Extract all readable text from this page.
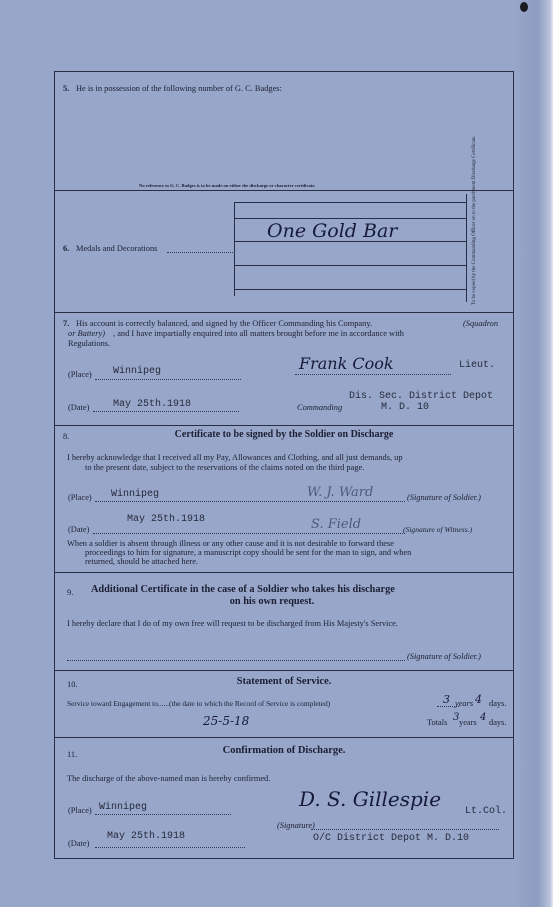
5. He is in possession of the following number of G. C. Badges:
No reference to G. C. Badges is to be made on either the discharge or character certificate.
6. Medals and Decorations
One Gold Bar	To be copied by the Commanding Officer on to the parchment Discharge Certificate.
7. His account is correctly balanced, and signed by the Officer Commanding his Company.	(Squadron
or Battery) , and I have impartially enquired into all matters brought before me in accordance with
Regulations.
(Place) Winnipeg	Frank Cook	Lieut.
(Date) May 25th.1918	Commanding
Dis. Sec. District Depot
M. D. 10
8.	Certificate to be signed by the Soldier on Discharge
I hereby acknowledge that I received all my Pay, Allowances and Clothing, and all just demands, up
to the present date, subject to the reservations of the claims noted on the third page.
(Place) Winnipeg	W. J. Ward	(Signature of Soldier.)
(Date)
May 25th.1918	S. Field	(Signature of Witness.)
When a soldier is absent through illness or any other cause and it is not desirable to forward these
proceedings to him for signature, a manuscript copy should be sent for the man to sign, and when
returned, should be attached here.
9. Additional Certificate in the case of a Soldier who takes his discharge
on his own request.
I hereby declare that I do of my own free will request to be discharged from His Majesty's Service.
(Signature of Soldier.)
10.	Statement of Service.
Service toward Engagement to......(the date to which the Record of Service is completed)	3 years 4 days.
25-5-18	Totals 3 years 4 days.
11.	Confirmation of Discharge.
The discharge of the above-named man is hereby confirmed.
(Place) Winnipeg	D. S. Gillespie
Lt.Col.
(Signature)
O/C District Depot M. D.10
(Date)
May 25th.1918
